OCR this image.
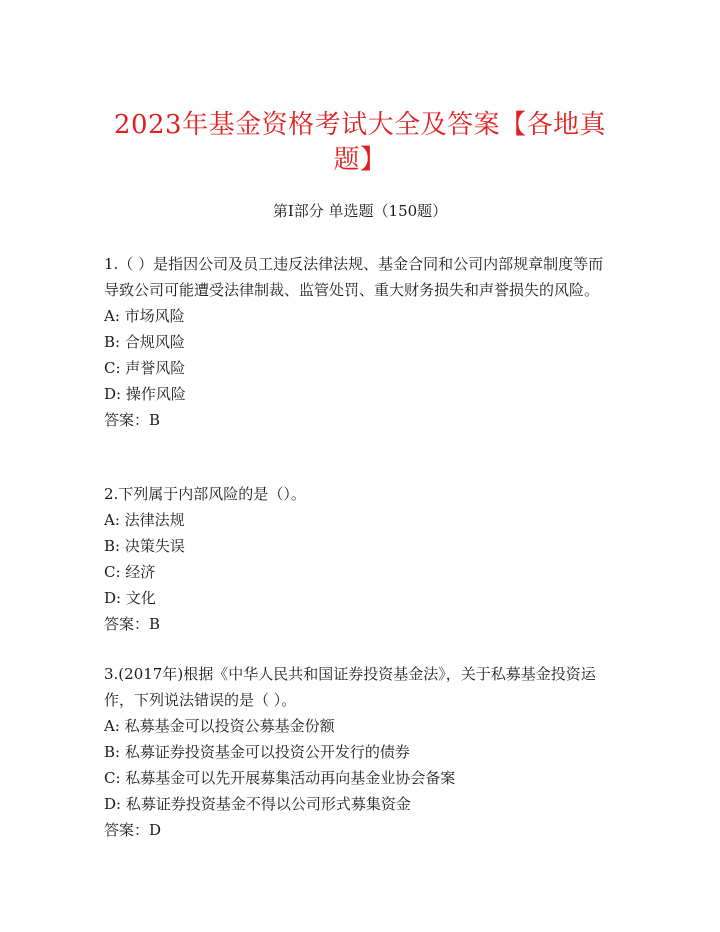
2023年基金资格考试大全及答案【各地真题】

第I部分 单选题（150题）

1.（ ）是指因公司及员工违反法律法规、基金合同和公司内部规章制度等而导致公司可能遭受法律制裁、监管处罚、重大财务损失和声誉损失的风险。

A: 市场风险

B: 合规风险

C: 声誉风险

D: 操作风险

答案：B

2.下列属于内部风险的是（）。

A: 法律法规

B: 决策失误

C: 经济

D: 文化

答案：B

3.(2017年)根据《中华人民共和国证券投资基金法》，关于私募基金投资运作，下列说法错误的是（ ）。

A: 私募基金可以投资公募基金份额

B: 私募证券投资基金可以投资公开发行的债券

C: 私募基金可以先开展募集活动再向基金业协会备案

D: 私募证券投资基金不得以公司形式募集资金

答案：D
